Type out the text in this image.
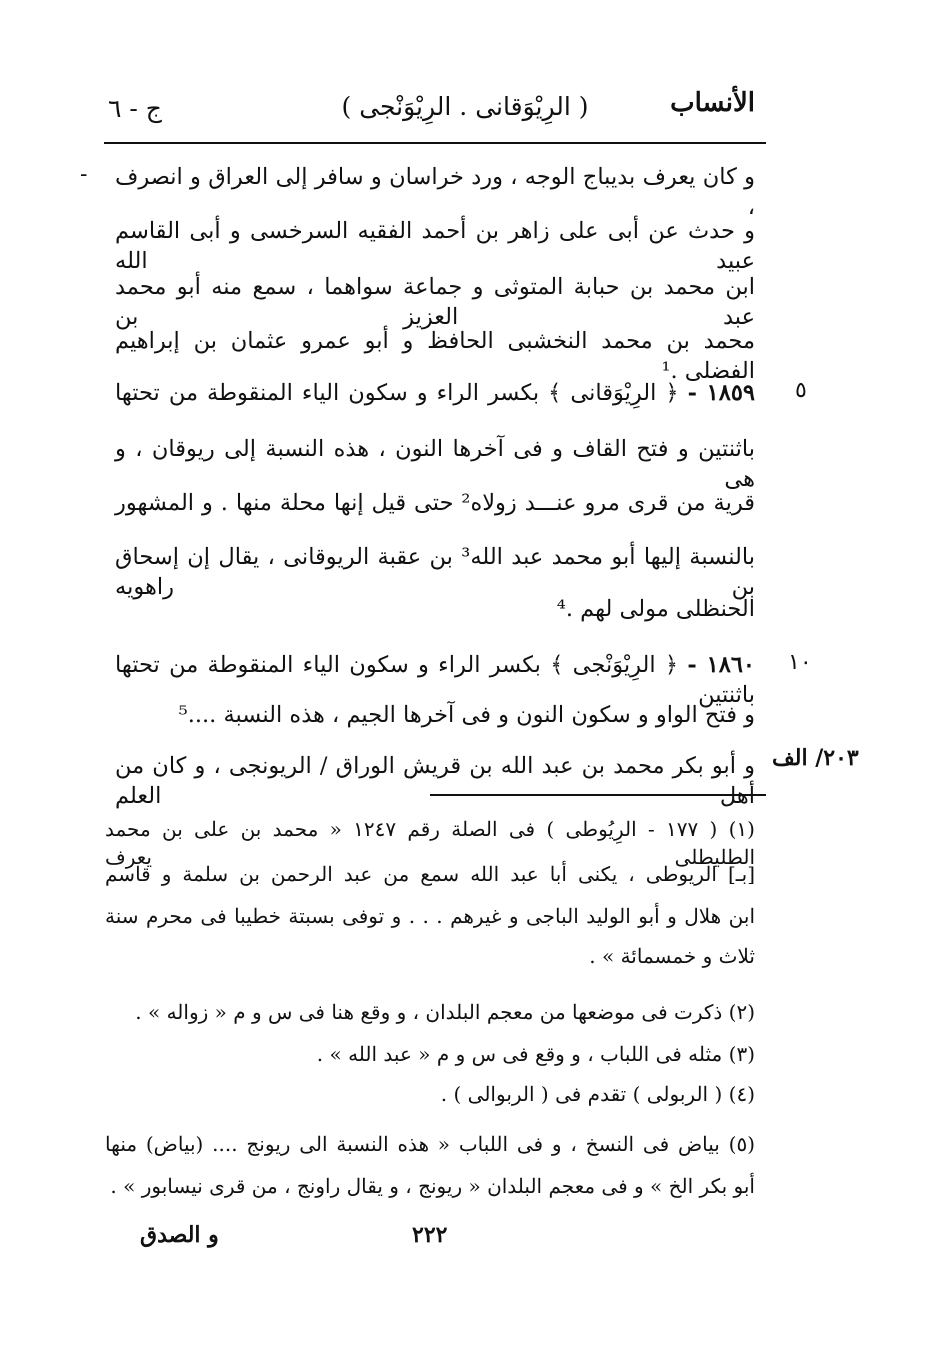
الأنساب
( الرِيْوَقانى . الرِيْوَنْجى )
ج - ٦
-
٥
١٠
٢٠٣/ الف
و كان يعرف بديباج الوجه ، ورد خراسان و سافر إلى العراق و انصرف ،
و حدث عن أبى على زاهر بن أحمد الفقيه السرخسى و أبى القاسم عبيد الله
ابن محمد بن حبابة المتوثى و جماعة سواهما ، سمع منه أبو محمد عبد العزيز بن
محمد بن محمد النخشبى الحافظ و أبو عمرو عثمان بن إبراهيم الفضلى .¹
١٨٥٩ - ﴿ الرِيْوَقانى ﴾ بكسر الراء و سكون الياء المنقوطة من تحتها
باثنتين و فتح القاف و فى آخرها النون ، هذه النسبة إلى ريوقان ، و هى
قرية من قرى مرو عنـــد زولاه² حتى قيل إنها محلة منها . و المشهور
بالنسبة إليها أبو محمد عبد الله³ بن عقبة الريوقانى ، يقال إن إسحاق بن راهويه
الحنظلى مولى لهم .⁴
١٨٦٠ - ﴿ الرِيْوَنْجى ﴾ بكسر الراء و سكون الياء المنقوطة من تحتها باثنتين
و فتح الواو و سكون النون و فى آخرها الجيم ، هذه النسبة ....⁵
و أبو بكر محمد بن عبد الله بن قريش الوراق / الريونجى ، و كان من أهل العلم
(١) ( ١٧٧ - الرِيُوطى ) فى الصلة رقم ١٢٤٧ « محمد بن على بن محمد الطليطلى يعرف
[بـ] الريوطى ، يكنى أبا عبد الله سمع من عبد الرحمن بن سلمة و قاسم
ابن هلال و أبو الوليد الباجى و غيرهم . . . و توفى بسبتة خطيبا فى محرم سنة
ثلاث و خمسمائة » .
(٢) ذكرت فى موضعها من معجم البلدان ، و وقع هنا فى س و م « زواله » .
(٣) مثله فى اللباب ، و وقع فى س و م « عبد الله » .
(٤) ( الربولى ) تقدم فى ( الربوالى ) .
(٥) بياض فى النسخ ، و فى اللباب « هذه النسبة الى ريونج .... (بياض) منها
أبو بكر الخ » و فى معجم البلدان « ريونج ، و يقال راونج ، من قرى نيسابور » .
٢٢٢
و الصدق
